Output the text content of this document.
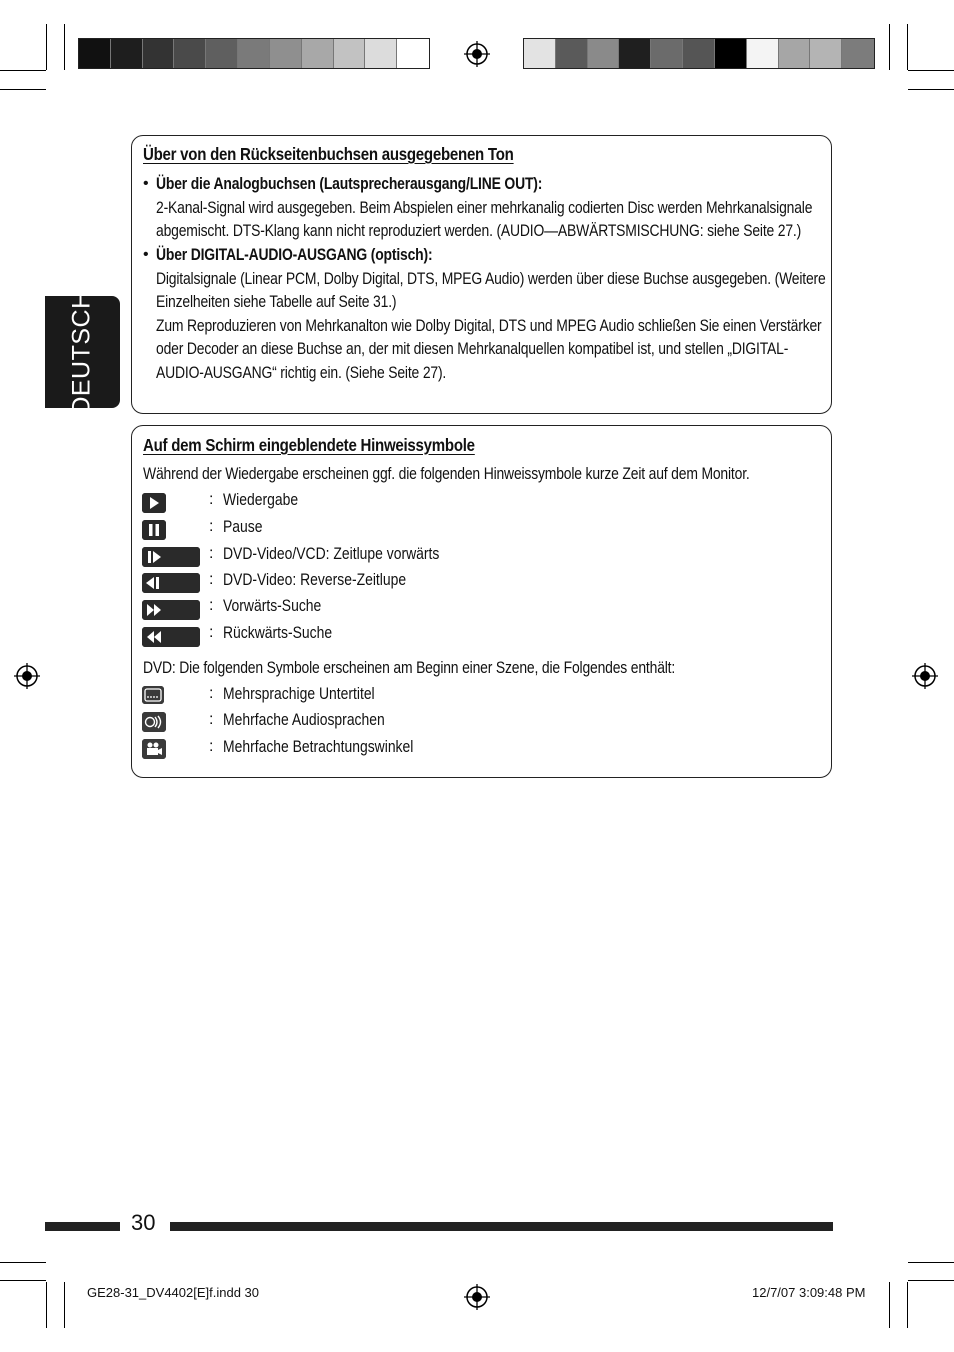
DEUTSCH
Über von den Rückseitenbuchsen ausgegebenen Ton
• Über die Analogbuchsen (Lautsprecherausgang/LINE OUT):
2-Kanal-Signal wird ausgegeben. Beim Abspielen einer mehrkanalig codierten Disc werden Mehrkanalsignale
abgemischt. DTS-Klang kann nicht reproduziert werden. (AUDIO—ABWÄRTSMISCHUNG: siehe Seite 27.)
• Über DIGITAL-AUDIO-AUSGANG (optisch):
Digitalsignale (Linear PCM, Dolby Digital, DTS, MPEG Audio) werden über diese Buchse ausgegeben. (Weitere
Einzelheiten siehe Tabelle auf Seite 31.)
Zum Reproduzieren von Mehrkanalton wie Dolby Digital, DTS und MPEG Audio schließen Sie einen Verstärker
oder Decoder an diese Buchse an, der mit diesen Mehrkanalquellen kompatibel ist, und stellen „DIGITAL-
AUDIO-AUSGANG“ richtig ein. (Siehe Seite 27).
Auf dem Schirm eingeblendete Hinweissymbole
Während der Wiedergabe erscheinen ggf. die folgenden Hinweissymbole kurze Zeit auf dem Monitor.
: Wiedergabe
: Pause
: DVD-Video/VCD: Zeitlupe vorwärts
: DVD-Video: Reverse-Zeitlupe
: Vorwärts-Suche
: Rückwärts-Suche
DVD: Die folgenden Symbole erscheinen am Beginn einer Szene, die Folgendes enthält:
: Mehrsprachige Untertitel
: Mehrfache Audiosprachen
: Mehrfache Betrachtungswinkel
30
GE28-31_DV4402[E]f.indd 30	12/7/07 3:09:48 PM
